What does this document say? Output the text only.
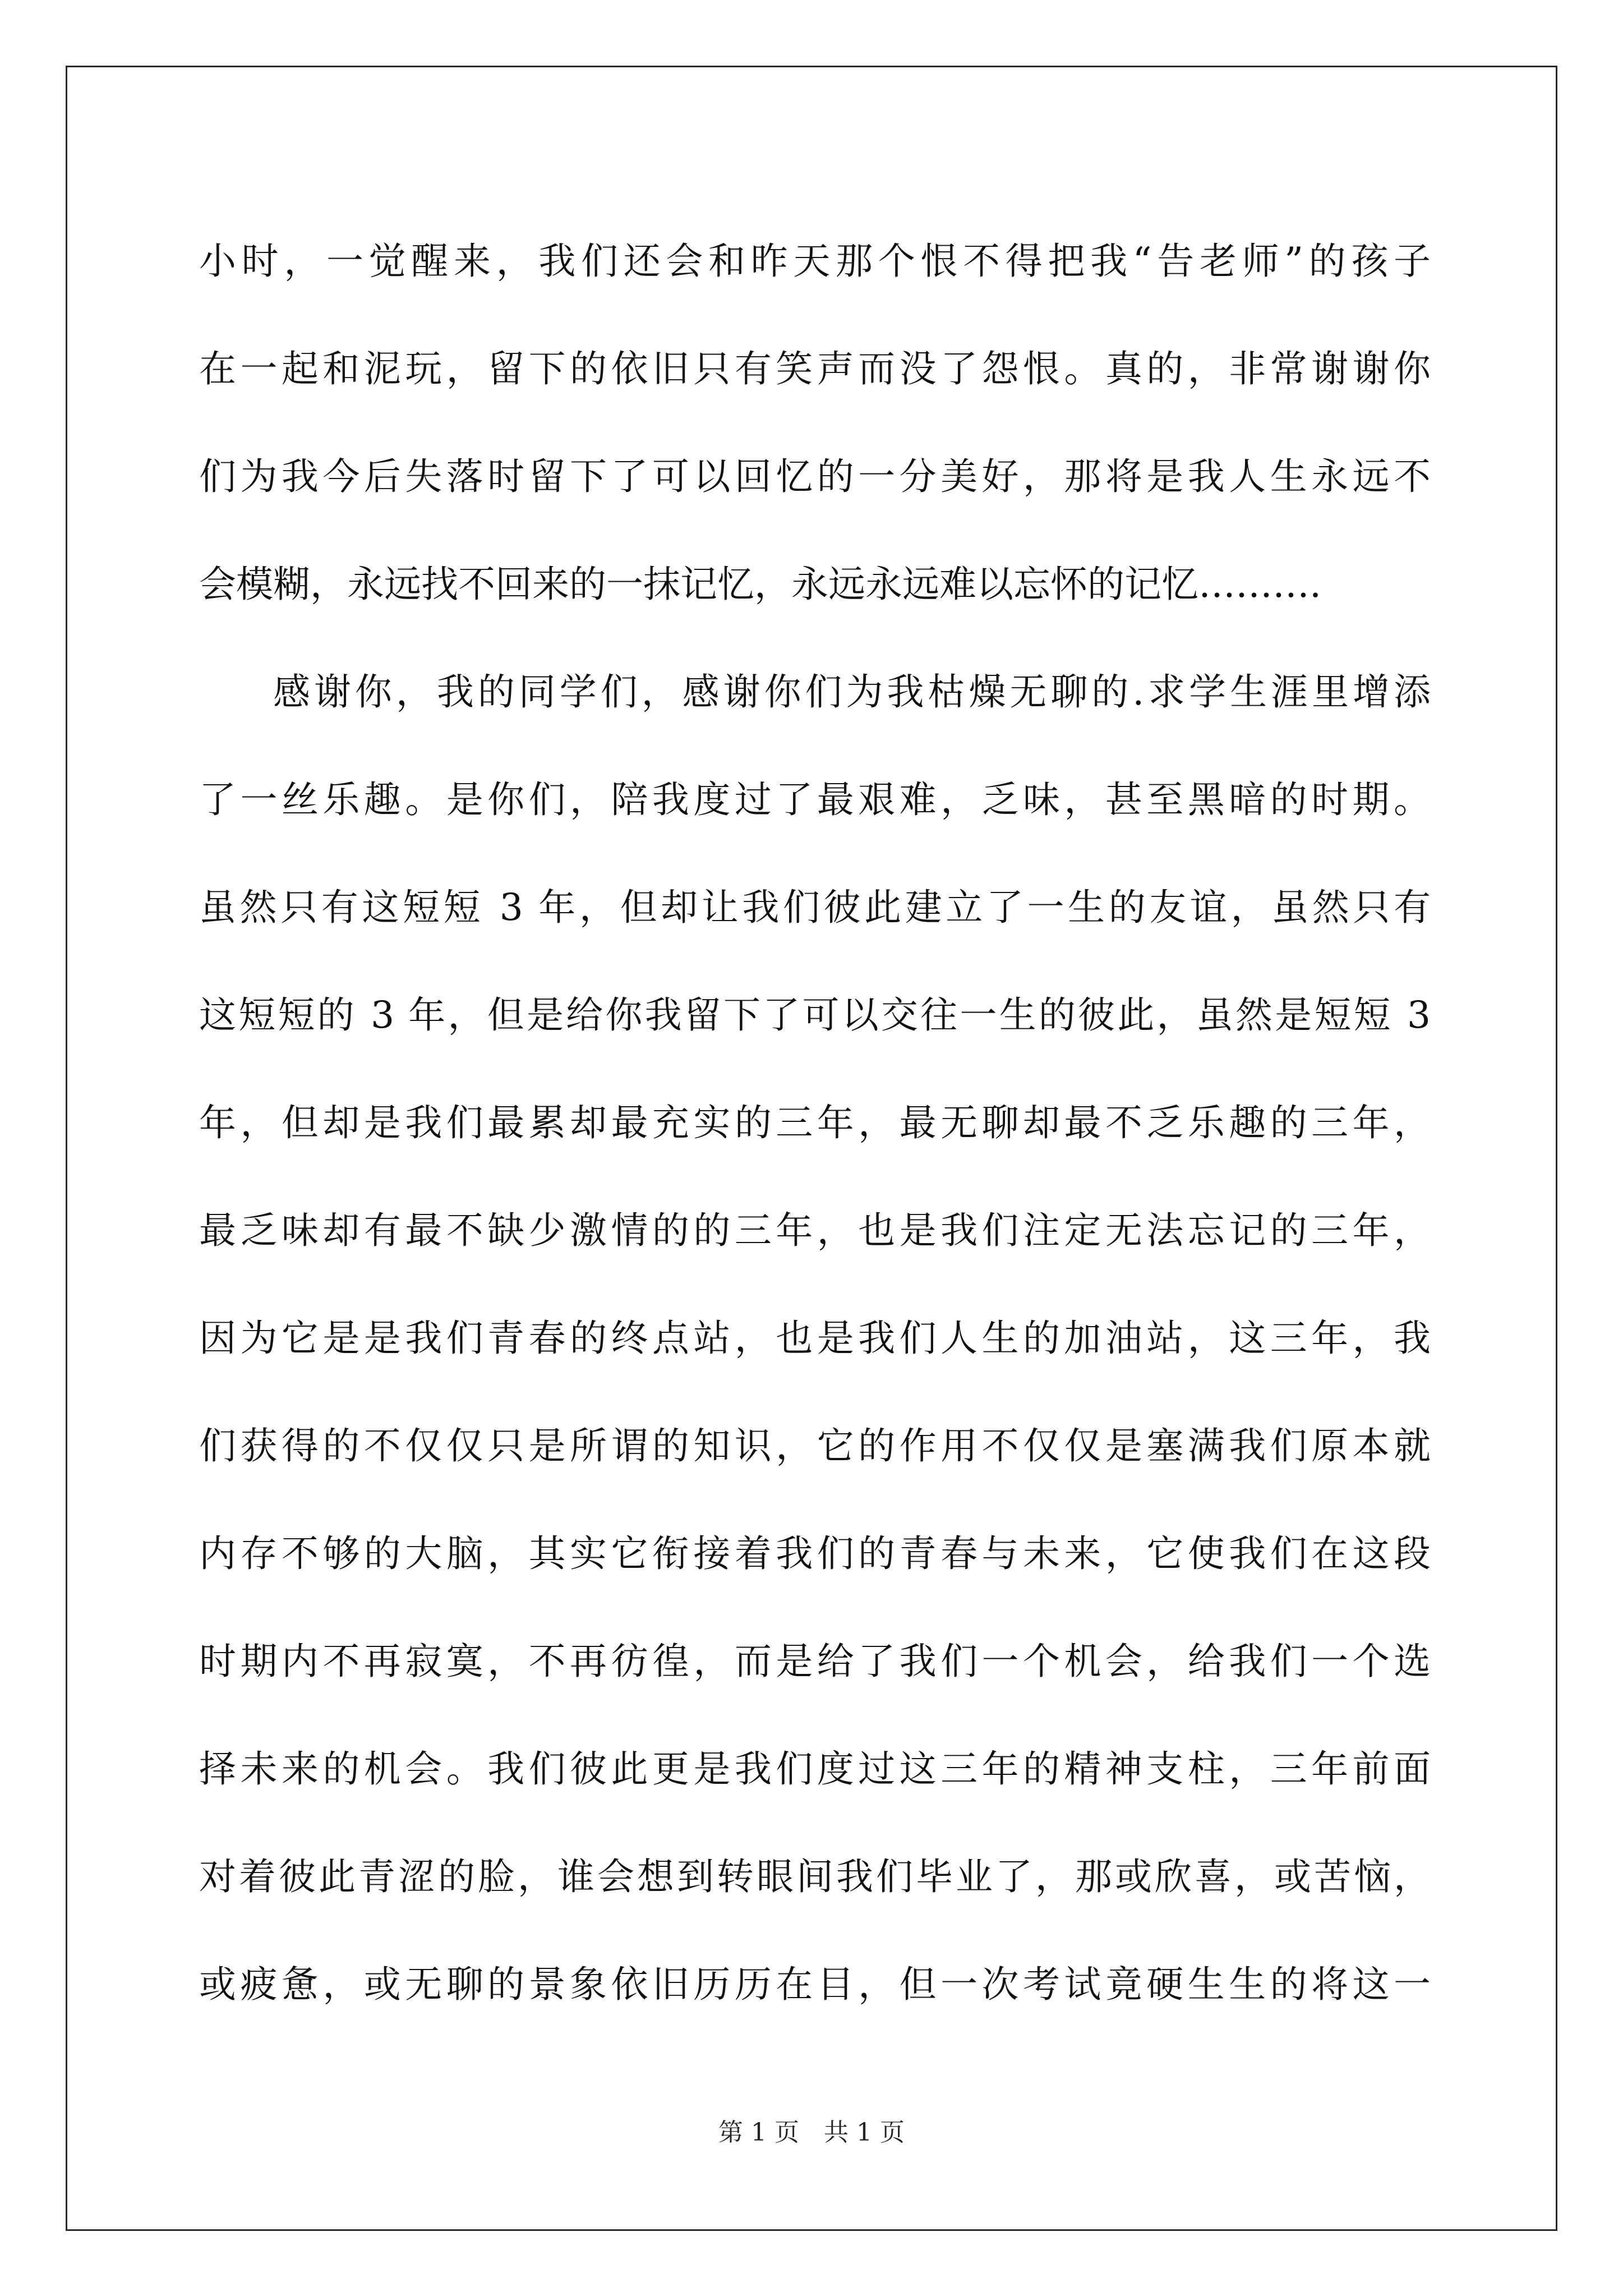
小时，一觉醒来，我们还会和昨天那个恨不得把我“告老师”的孩子
在一起和泥玩，留下的依旧只有笑声而没了怨恨。真的，非常谢谢你
们为我今后失落时留下了可以回忆的一分美好，那将是我人生永远不
会模糊，永远找不回来的一抹记忆，永远永远难以忘怀的记忆……….
感谢你，我的同学们，感谢你们为我枯燥无聊的.求学生涯里增添
了一丝乐趣。是你们，陪我度过了最艰难，乏味，甚至黑暗的时期。
虽然只有这短短 3 年，但却让我们彼此建立了一生的友谊，虽然只有
这短短的 3 年，但是给你我留下了可以交往一生的彼此，虽然是短短 3
年，但却是我们最累却最充实的三年，最无聊却最不乏乐趣的三年，
最乏味却有最不缺少激情的的三年，也是我们注定无法忘记的三年，
因为它是是我们青春的终点站，也是我们人生的加油站，这三年，我
们获得的不仅仅只是所谓的知识，它的作用不仅仅是塞满我们原本就
内存不够的大脑，其实它衔接着我们的青春与未来，它使我们在这段
时期内不再寂寞，不再彷徨，而是给了我们一个机会，给我们一个选
择未来的机会。我们彼此更是我们度过这三年的精神支柱，三年前面
对着彼此青涩的脸，谁会想到转眼间我们毕业了，那或欣喜，或苦恼，
或疲惫，或无聊的景象依旧历历在目，但一次考试竟硬生生的将这一
第 1 页　共 1 页
